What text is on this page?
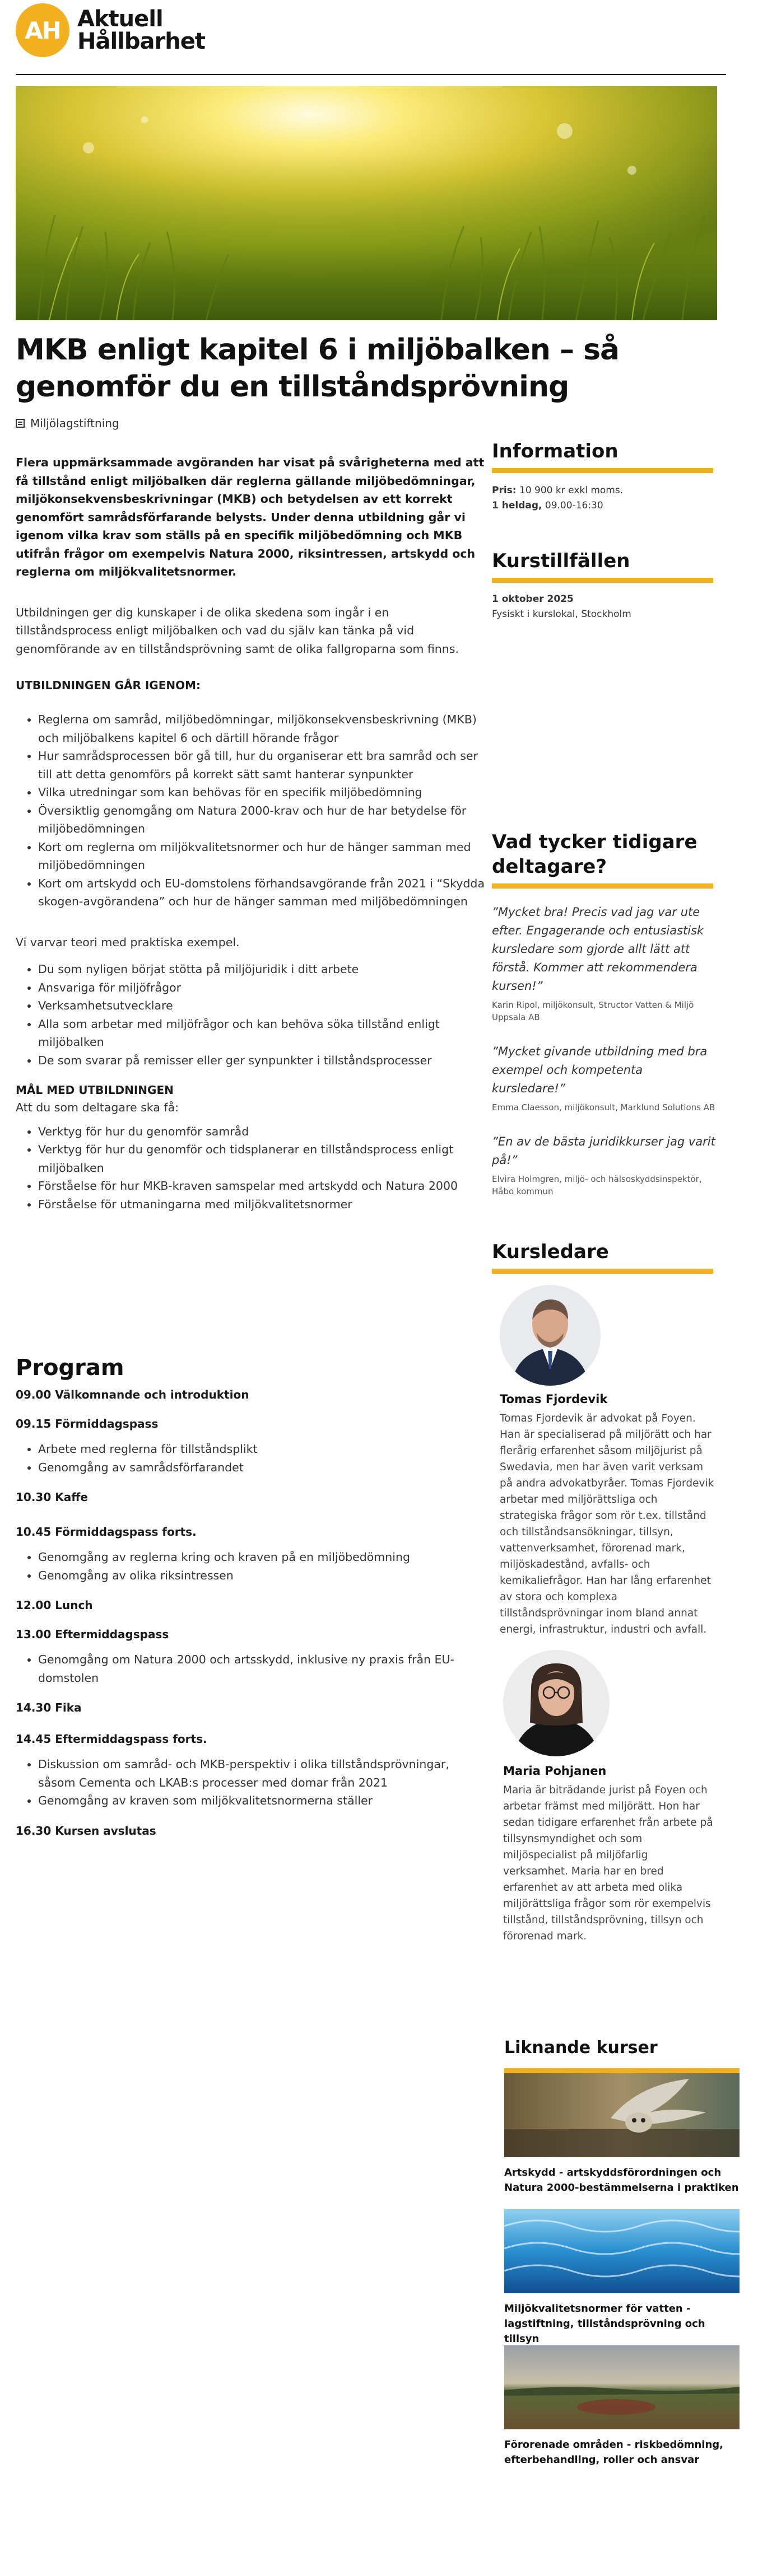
AH Aktuell
Hållbarhet
MKB enligt kapitel 6 i miljöbalken – så genomför du en tillståndsprövning
Miljölagstiftning

Flera uppmärksammade avgöranden har visat på svårigheterna med att få tillstånd enligt miljöbalken där reglerna gällande miljöbedömningar, miljökonsekvensbeskrivningar (MKB) och betydelsen av ett korrekt genomfört samrådsförfarande belysts. Under denna utbildning går vi igenom vilka krav som ställs på en specifik miljöbedömning och MKB utifrån frågor om exempelvis Natura 2000, riksintressen, artskydd och reglerna om miljökvalitetsnormer.

Utbildningen ger dig kunskaper i de olika skedena som ingår i en tillståndsprocess enligt miljöbalken och vad du själv kan tänka på vid genomförande av en tillståndsprövning samt de olika fallgroparna som finns.

UTBILDNINGEN GÅR IGENOM:

• Reglerna om samråd, miljöbedömningar, miljökonsekvensbeskrivning (MKB) och miljöbalkens kapitel 6 och därtill hörande frågor
• Hur samrådsprocessen bör gå till, hur du organiserar ett bra samråd och ser till att detta genomförs på korrekt sätt samt hanterar synpunkter
• Vilka utredningar som kan behövas för en specifik miljöbedömning
• Översiktlig genomgång om Natura 2000-krav och hur de har betydelse för miljöbedömningen
• Kort om reglerna om miljökvalitetsnormer och hur de hänger samman med miljöbedömningen
• Kort om artskydd och EU-domstolens förhandsavgörande från 2021 i “Skydda skogen-avgörandena” och hur de hänger samman med miljöbedömningen

Vi varvar teori med praktiska exempel.

• Du som nyligen börjat stötta på miljöjuridik i ditt arbete
• Ansvariga för miljöfrågor
• Verksamhetsutvecklare
• Alla som arbetar med miljöfrågor och kan behöva söka tillstånd enligt miljöbalken
• De som svarar på remisser eller ger synpunkter i tillståndsprocesser

MÅL MED UTBILDNINGEN

Att du som deltagare ska få:

• Verktyg för hur du genomför samråd
• Verktyg för hur du genomför och tidsplanerar en tillståndsprocess enligt miljöbalken
• Förståelse för hur MKB-kraven samspelar med artskydd och Natura 2000
• Förståelse för utmaningarna med miljökvalitetsnormer
Program

09.00 Välkomnande och introduktion

09.15 Förmiddagspass

• Arbete med reglerna för tillståndsplikt
• Genomgång av samrådsförfarandet

10.30 Kaffe

10.45 Förmiddagspass forts.

• Genomgång av reglerna kring och kraven på en miljöbedömning
• Genomgång av olika riksintressen

12.00 Lunch

13.00 Eftermiddagspass

• Genomgång om Natura 2000 och artsskydd, inklusive ny praxis från EU-domstolen

14.30 Fika

14.45 Eftermiddagspass forts.

• Diskussion om samråd- och MKB-perspektiv i olika tillståndsprövningar, såsom Cementa och LKAB:s processer med domar från 2021
• Genomgång av kraven som miljökvalitetsnormerna ställer

16.30 Kursen avslutas

Information

Pris: 10 900 kr exkl moms.

1 heldag, 09.00-16:30

Kurstillfällen

1 oktober 2025

Fysiskt i kurslokal, Stockholm

Vad tycker tidigare deltagare?

”Mycket bra! Precis vad jag var ute efter. Engagerande och entusiastisk kursledare som gjorde allt lätt att förstå. Kommer att rekommendera kursen!”

Karin Ripol, miljökonsult, Structor Vatten & Miljö Uppsala AB

”Mycket givande utbildning med bra exempel och kompetenta kursledare!”

Emma Claesson, miljökonsult, Marklund Solutions AB

”En av de bästa juridikkurser jag varit på!”

Elvira Holmgren, miljö- och hälsoskyddsinspektör, Håbo kommun

Kursledare

Tomas Fjordevik

Tomas Fjordevik är advokat på Foyen. Han är specialiserad på miljörätt och har flerårig erfarenhet såsom miljöjurist på Swedavia, men har även varit verksam på andra advokatbyråer. Tomas Fjordevik arbetar med miljörättsliga och strategiska frågor som rör t.ex. tillstånd och tillståndsansökningar, tillsyn, vattenverksamhet, förorenad mark, miljöskadestånd, avfalls- och kemikaliefrågor. Han har lång erfarenhet av stora och komplexa tillståndsprövningar inom bland annat energi, infrastruktur, industri och avfall.

Maria Pohjanen

Maria är biträdande jurist på Foyen och arbetar främst med miljörätt. Hon har sedan tidigare erfarenhet från arbete på tillsynsmyndighet och som miljöspecialist på miljöfarlig verksamhet. Maria har en bred erfarenhet av att arbeta med olika miljörättsliga frågor som rör exempelvis tillstånd, tillståndsprövning, tillsyn och förorenad mark.

Liknande kurser

Artskydd - artskyddsförordningen och Natura 2000-bestämmelserna i praktiken

Miljökvalitetsnormer för vatten - lagstiftning, tillståndsprövning och tillsyn

Förorenade områden - riskbedömning, efterbehandling, roller och ansvar
